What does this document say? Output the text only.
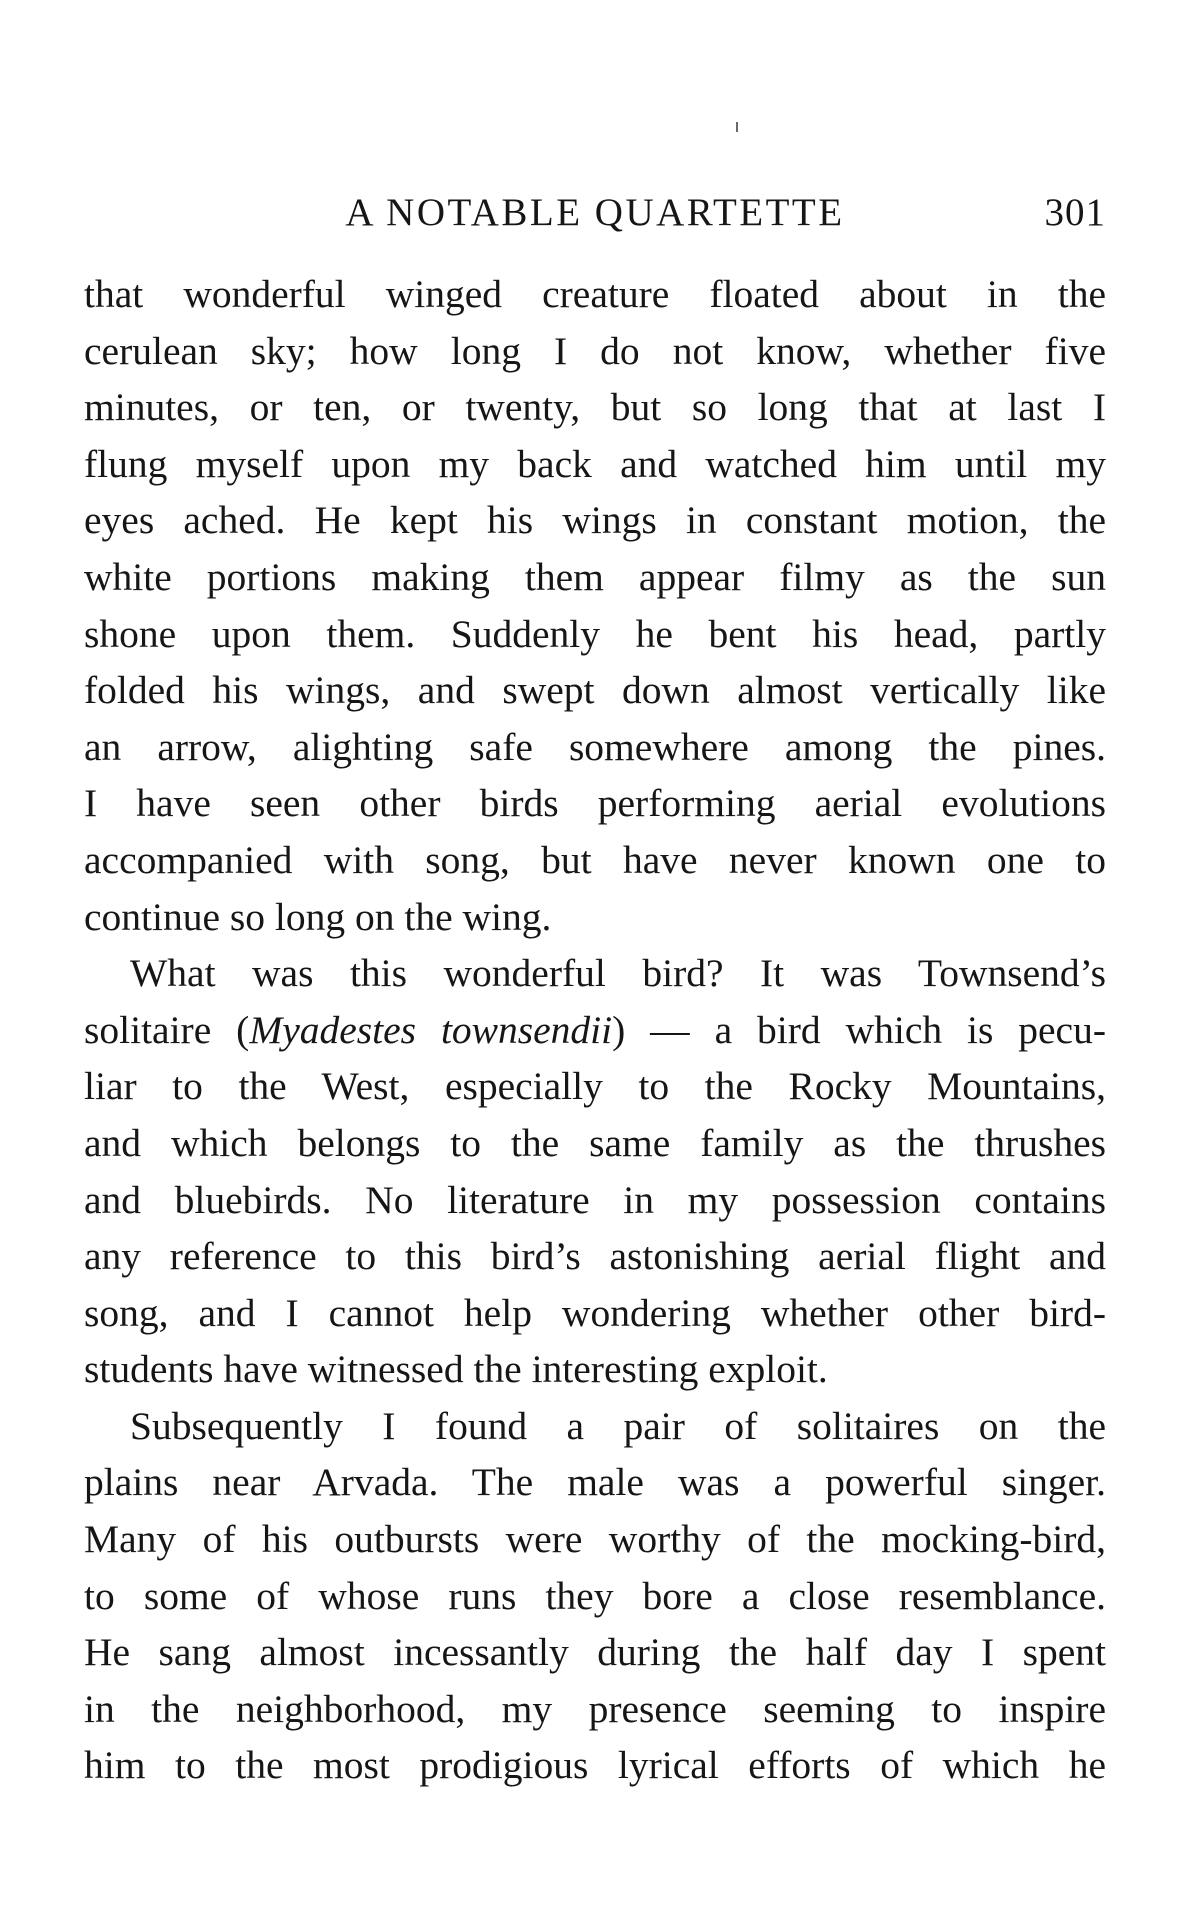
A NOTABLE QUARTETTE	301
that wonderful winged creature floated about in the
cerulean sky; how long I do not know, whether five
minutes, or ten, or twenty, but so long that at last I
flung myself upon my back and watched him until my
eyes ached. He kept his wings in constant motion, the
white portions making them appear filmy as the sun
shone upon them. Suddenly he bent his head, partly
folded his wings, and swept down almost vertically like
an arrow, alighting safe somewhere among the pines.
I have seen other birds performing aerial evolutions
accompanied with song, but have never known one to
continue so long on the wing.
What was this wonderful bird? It was Townsend’s
solitaire (Myadestes townsendii) — a bird which is pecu-
liar to the West, especially to the Rocky Mountains,
and which belongs to the same family as the thrushes
and bluebirds. No literature in my possession contains
any reference to this bird’s astonishing aerial flight and
song, and I cannot help wondering whether other bird-
students have witnessed the interesting exploit.
Subsequently I found a pair of solitaires on the
plains near Arvada. The male was a powerful singer.
Many of his outbursts were worthy of the mocking-bird,
to some of whose runs they bore a close resemblance.
He sang almost incessantly during the half day I spent
in the neighborhood, my presence seeming to inspire
him to the most prodigious lyrical efforts of which he
